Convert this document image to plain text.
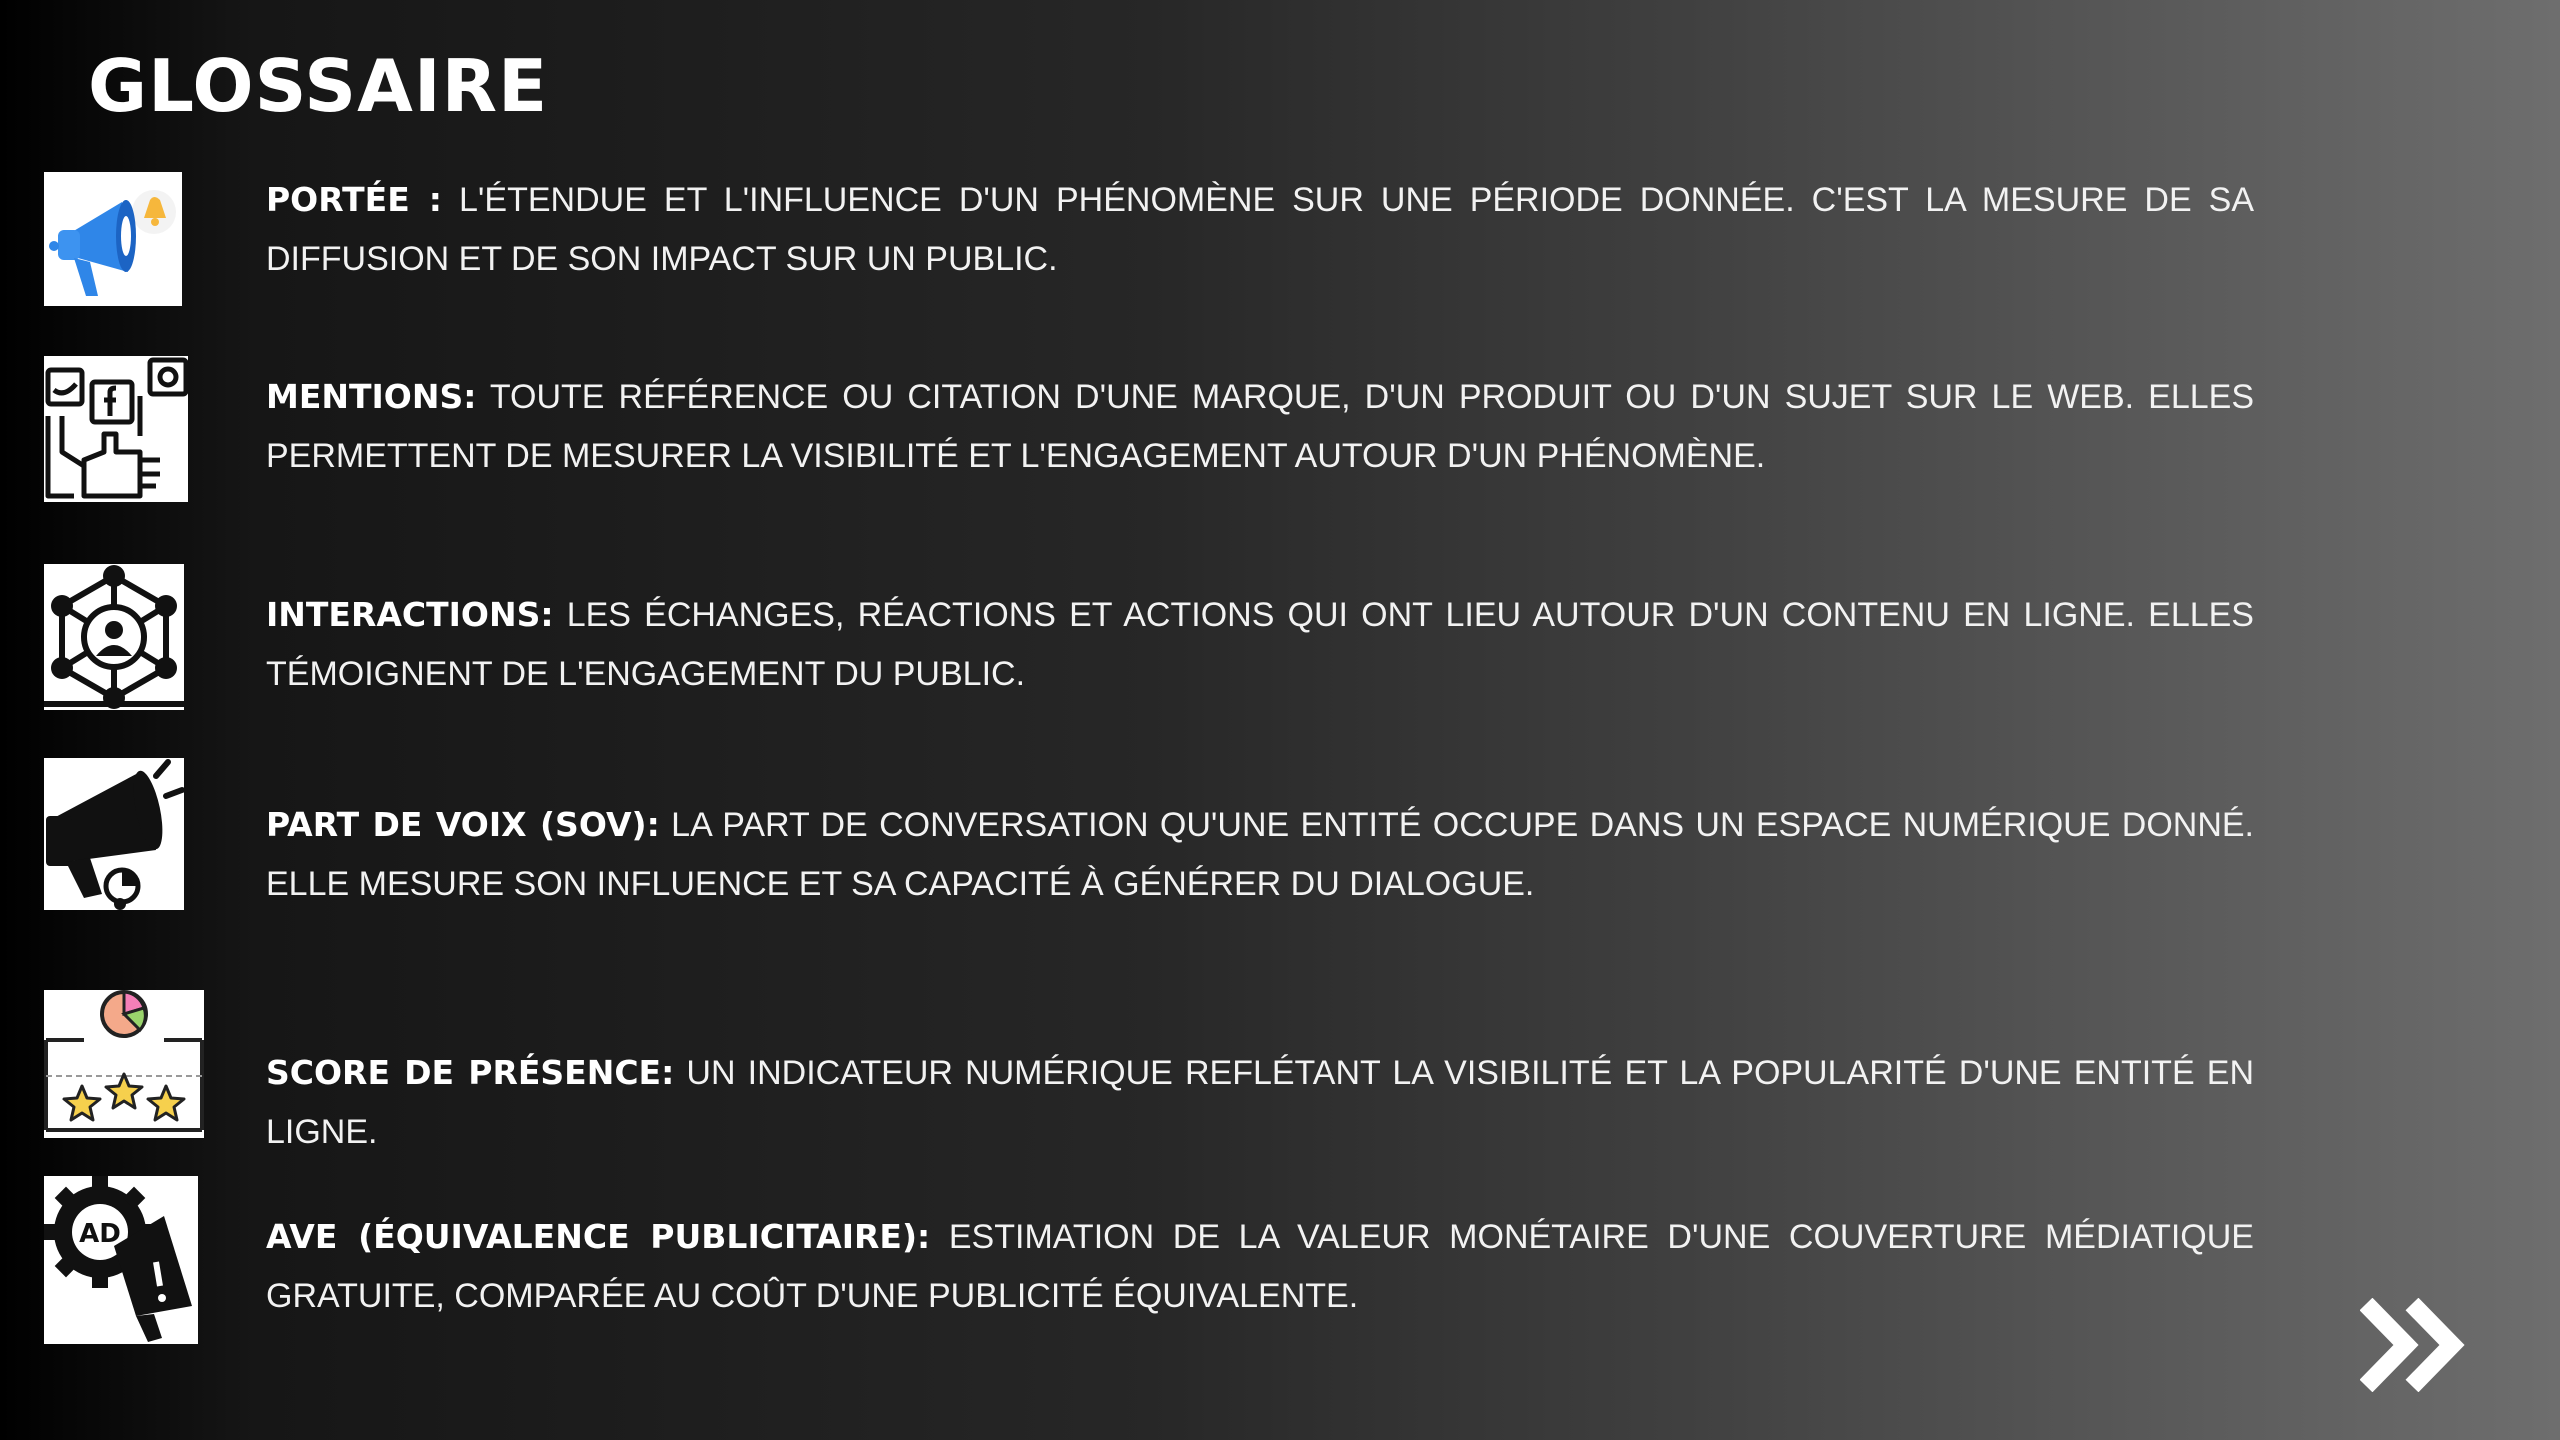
GLOSSAIRE

PORTÉE : L'ÉTENDUE ET L'INFLUENCE D'UN PHÉNOMÈNE SUR UNE PÉRIODE DONNÉE. C'EST LA MESURE DE SA DIFFUSION ET DE SON IMPACT SUR UN PUBLIC.

MENTIONS: TOUTE RÉFÉRENCE OU CITATION D'UNE MARQUE, D'UN PRODUIT OU D'UN SUJET SUR LE WEB. ELLES PERMETTENT DE MESURER LA VISIBILITÉ ET L'ENGAGEMENT AUTOUR D'UN PHÉNOMÈNE.

INTERACTIONS: LES ÉCHANGES, RÉACTIONS ET ACTIONS QUI ONT LIEU AUTOUR D'UN CONTENU EN LIGNE. ELLES TÉMOIGNENT DE L'ENGAGEMENT DU PUBLIC.

PART DE VOIX (SOV): LA PART DE CONVERSATION QU'UNE ENTITÉ OCCUPE DANS UN ESPACE NUMÉRIQUE DONNÉ. ELLE MESURE SON INFLUENCE ET SA CAPACITÉ À GÉNÉRER DU DIALOGUE.

SCORE DE PRÉSENCE: UN INDICATEUR NUMÉRIQUE REFLÉTANT LA VISIBILITÉ ET LA POPULARITÉ D'UNE ENTITÉ EN LIGNE.

AD	AVE (ÉQUIVALENCE PUBLICITAIRE): ESTIMATION DE LA VALEUR MONÉTAIRE D'UNE COUVERTURE MÉDIATIQUE GRATUITE, COMPARÉE AU COÛT D'UNE PUBLICITÉ ÉQUIVALENTE.
